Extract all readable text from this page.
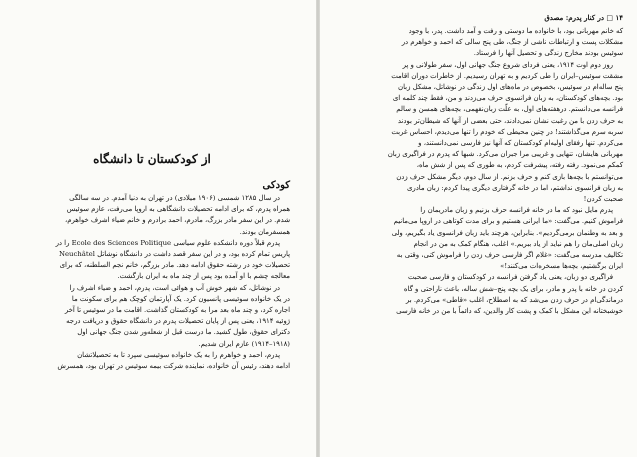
از کودکستان تا دانشگاه
کودکی

در سال ۱۲۸۵ شمسی (۱۹۰۶ میلادی) در تهران به دنیا آمدم. در سه سالگی

همراه پدرم، که برای ادامه تحصیلات دانشگاهی به اروپا می‌رفت، عازم سوئیس

شدم. در این سفر مادر بزرگ، مادرم، احمد برادرم و خانم ضیاء اشرف خواهرم،

همسفرمان بودند.

پدرم قبلاً دوره دانشکده علوم سیاسی Ecole des Sciences Politique را در

پاریس تمام کرده بود، و در این سفر قصد داشت در دانشگاه نوشاتل Neuchâtel

تحصیلات خود در رشته حقوق ادامه دهد. مادر بزرگم، خانم نجم السلطنه، که برای

معالجه چشم با او آمده بود پس از چند ماه به ایران بازگشت.

در نوشاتل، که شهر خوش آب و هوائی است، پدرم، احمد و ضیاء اشرف را

در یک خانواده سوئیسی پانسیون کرد. یک آپارتمان کوچک هم برای سکونت ما

اجاره کرد، و چند ماه بعد مرا به کودکستان گذاشت. اقامت ما در سوئیس تا آخر

ژوئیه ۱۹۱۴، یعنی پس از پایان تحصیلات پدرم در دانشگاه حقوق و دریافت درجه

دکترای حقوق، طول کشید. ما درست قبل از شعله‌ور شدن جنگ جهانی اول

(۱۹۱۸–۱۹۱۴) عازم ایران شدیم.

پدرم، احمد و خواهرم را به یک خانواده سوئیسی سپرد تا به تحصیلاتشان

ادامه دهند، رئیس آن خانواده، نماینده شرکت بیمه سوئیس در تهران بود، همسرش

۱۴ □ در کنار پدرم: مصدق

که خانم مهربانی بود، با خانواده ما دوستی و رفت و آمد داشت. پدر، با وجود

مشکلات پست و ارتباطات ناشی از جنگ، طی پنج سالی که احمد و خواهرم در

سوئیس بودند مخارج زندگی و تحصیل آنها را فرستاد.

روز دوم اوت ۱۹۱۴، یعنی فردای شروع جنگ جهانی اول، سفر طولانی و پر

مشقت سوئیس–ایران را طی کردیم و به تهران رسیدیم. از خاطرات دوران اقامت

پنج ساله‌ام در سوئیس، بخصوص در ماه‌های اول زندگی در نوشاتل، مشکل زبان

بود. بچه‌های کودکستان، به زبان فرانسوی حرف می‌زدند و من، فقط چند کلمه ای

فرانسه می‌دانستم. درهفته‌های اول، به علّت زبان‌نفهمی، بچه‌های همسن و سالم

به حرف زدن با من رغبت نشان نمی‌دادند، حتی بعضی از آنها که شیطان‌تر بودند

سربه سرم می‌گذاشتند! در چنین محیطی که خودم را تنها می‌دیدم، احساس غربت

می‌کردم. تنها رفقای اولیه‌ام کودکستان که آنها نیز فارسی نمی‌دانستند، و

مهربانی هایشان، تنهایی و غریبی مرا جبران می‌کرد. شبها که پدرم در فراگیری زبان

کمکم می‌نمود. رفته رفته، پیشرفت کردم، به طوری که پس از شش ماه،

می‌توانستم با بچه‌ها بازی کنم و حرف بزنم. از سال دوم، دیگر مشکل حرف زدن

به زبان فرانسوی نداشتم، اما در خانه گرفتاری دیگری پیدا کردم: زبان مادری

صحبت کردن!

پدرم مایل نبود که ما در خانه فرانسه حرف بزنیم و زبان مادریمان را

فراموش کنیم. می‌گفت: «ما ایرانی هستیم و برای مدت کوتاهی در اروپا می‌مانیم

و بعد به وطنمان برمی‌گردیم». بنابراین، هرچند باید زبان فرانسوی یاد بگیریم، ولی

زبان اصلی‌مان را هم نباید از یاد ببریم.» اغلب، هنگام کمک به من در انجام

تکالیف مدرسه می‌گفت: «غلام اگر فارسی حرف زدن را فراموش کنی، وقتی به

ایران برگشتیم، بچه‌ها مسخره‌ات می‌کنند!»

فراگیری دو زبان، یعنی یاد گرفتن فرانسه در کودکستان و فارسی صحبت

کردن در خانه با پدر و مادر، برای یک بچه پنج–شش ساله، باعث ناراحتی و گاه

درماندگی‌ام در حرف زدن می‌شد که به اصطلاح، اغلب «قاطی» می‌کردم. بر

خوشبختانه این مشکل با کمک و پشت کار والدین، که دائماً با من در خانه فارسی
